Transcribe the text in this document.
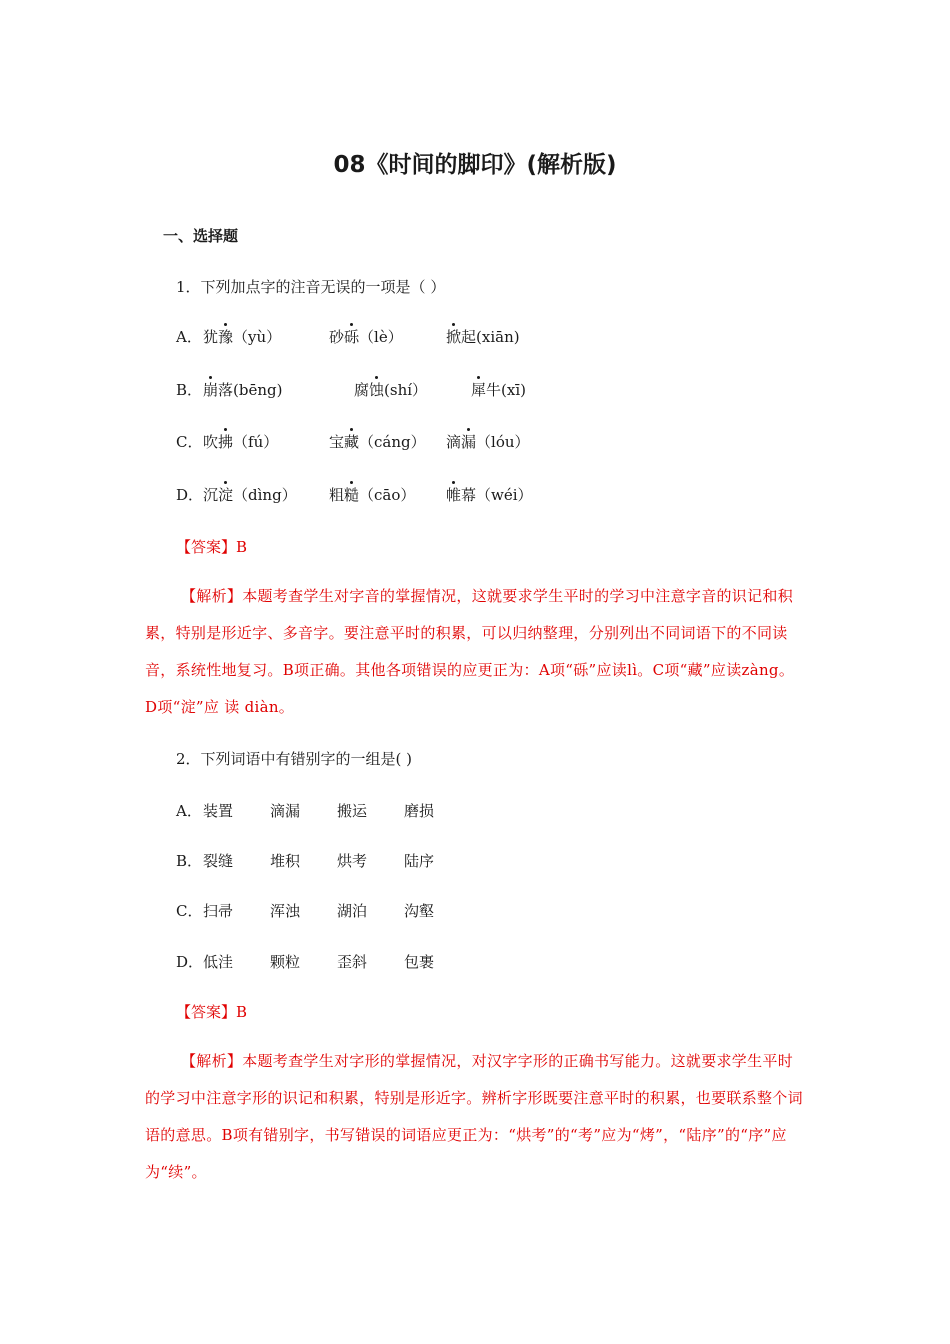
08《时间的脚印》(解析版)
一、选择题
1．下列加点字的注音无误的一项是（ ）
A． 犹豫（yù）	砂砾（lè）	掀起(xiān)
B． 崩落(bēng)	腐蚀(shí）	犀牛(xī)
C． 吹拂（fú）	宝藏（cáng） 滴漏（lóu）
D． 沉淀（dìng） 粗糙（cāo） 帷幕（wéi）
【答案】B
【解析】本题考查学生对字音的掌握情况，这就要求学生平时的学习中注意字音的识记和积累，特别是形近字、多音字。要注意平时的积累，可以归纳整理，分别列出不同词语下的不同读音，系统性地复习。B项正确。其他各项错误的应更正为：A项“砾”应读lì。C项“藏”应读zàng。D项“淀”应 读 diàn。
2．下列词语中有错别字的一组是( )
A． 装置 滴漏 搬运 磨损
B． 裂缝 堆积 烘考 陆序
C． 扫帚 浑浊 湖泊 沟壑
D． 低洼 颗粒 歪斜 包裹
【答案】B
【解析】本题考查学生对字形的掌握情况，对汉字字形的正确书写能力。这就要求学生平时的学习中注意字形的识记和积累，特别是形近字。辨析字形既要注意平时的积累，也要联系整个词语的意思。B项有错别字，书写错误的词语应更正为：“烘考”的“考”应为“烤”，“陆序”的“序”应为“续”。
